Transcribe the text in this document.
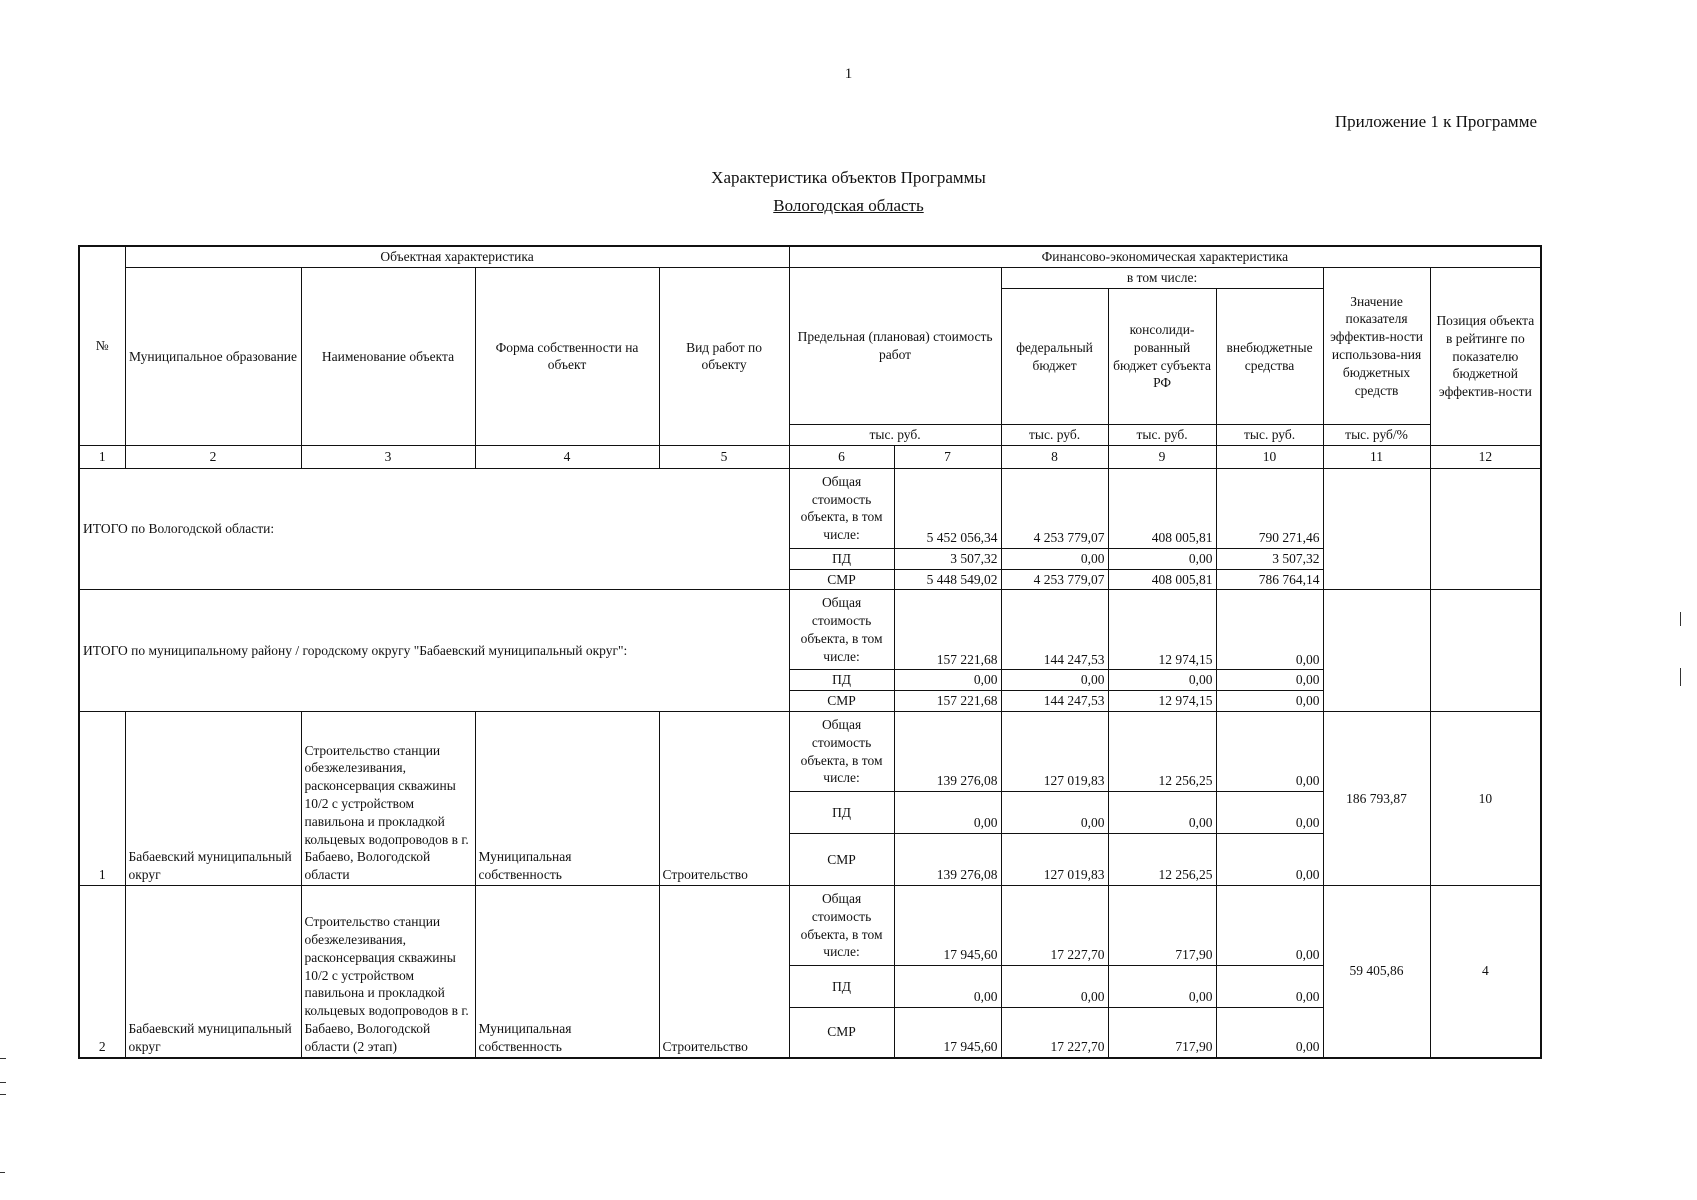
1
Приложение 1 к Программе
Характеристика объектов Программы
Вологодская область
№	Объектная характеристика				Финансово-экономическая характеристика						
	Муниципальное образование	Наименование объекта	Форма собственности на объект	Вид работ по объекту	Предельная (плановая) стоимость работ		в том числе:			Значение показателя эффектив-ности использова-ния бюджетных средств	Позиция объекта в рейтинге по показателю бюджетной эффектив-ности
							федеральный бюджет	консолиди-рованный бюджет субъекта РФ	внебюджетные средства		
					тыс. руб.		тыс. руб.	тыс. руб.	тыс. руб.	тыс. руб/%	
1	2	3	4	5	6	7	8	9	10	11	12
ИТОГО по Вологодской области:					Общая стоимость объекта, в том числе:	5 452 056,34	4 253 779,07	408 005,81	790 271,46		
					ПД	3 507,32	0,00	0,00	3 507,32		
					СМР	5 448 549,02	4 253 779,07	408 005,81	786 764,14		
ИТОГО по муниципальному району / городскому округу "Бабаевский муниципальный округ":					Общая стоимость объекта, в том числе:	157 221,68	144 247,53	12 974,15	0,00		
					ПД	0,00	0,00	0,00	0,00		
					СМР	157 221,68	144 247,53	12 974,15	0,00		
1	Бабаевский муниципальный округ	Строительство станции обезжелезивания, расконсервация скважины 10/2 с устройством павильона и прокладкой кольцевых водопроводов в г. Бабаево, Вологодской области	Муниципальная собственность	Строительство	Общая стоимость объекта, в том числе:	139 276,08	127 019,83	12 256,25	0,00	186 793,87	10
					ПД	0,00	0,00	0,00	0,00		
					СМР	139 276,08	127 019,83	12 256,25	0,00		
2	Бабаевский муниципальный округ	Строительство станции обезжелезивания, расконсервация скважины 10/2 с устройством павильона и прокладкой кольцевых водопроводов в г. Бабаево, Вологодской области (2 этап)	Муниципальная собственность	Строительство	Общая стоимость объекта, в том числе:	17 945,60	17 227,70	717,90	0,00	59 405,86	4
					ПД	0,00	0,00	0,00	0,00		
					СМР	17 945,60	17 227,70	717,90	0,00		
